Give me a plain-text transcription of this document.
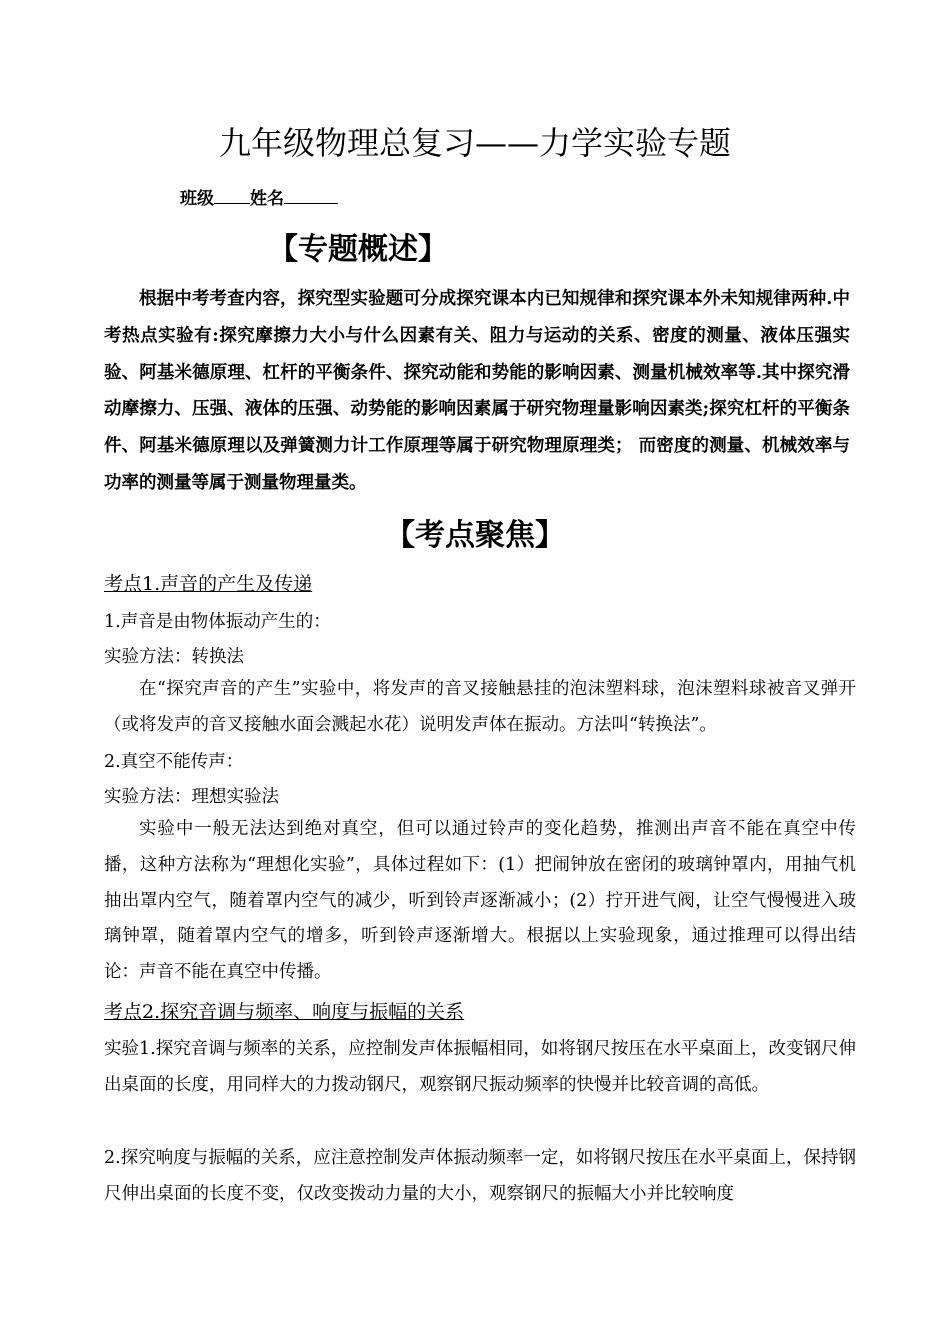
九年级物理总复习——力学实验专题
班级 姓名
【专题概述】
根据中考考查内容，探究型实验题可分成探究课本内已知规律和探究课本外未知规律两种.中考热点实验有:探究摩擦力大小与什么因素有关、阻力与运动的关系、密度的测量、液体压强实验、阿基米德原理、杠杆的平衡条件、探究动能和势能的影响因素、测量机械效率等.其中探究滑动摩擦力、压强、液体的压强、动势能的影响因素属于研究物理量影响因素类;探究杠杆的平衡条件、阿基米德原理以及弹簧测力计工作原理等属于研究物理原理类； 而密度的测量、机械效率与功率的测量等属于测量物理量类。
【考点聚焦】
考点1.声音的产生及传递
1.声音是由物体振动产生的：
实验方法：转换法
在“探究声音的产生”实验中，将发声的音叉接触悬挂的泡沫塑料球，泡沫塑料球被音叉弹开（或将发声的音叉接触水面会溅起水花）说明发声体在振动。方法叫“转换法”。
2.真空不能传声：
实验方法：理想实验法
实验中一般无法达到绝对真空，但可以通过铃声的变化趋势，推测出声音不能在真空中传播，这种方法称为“理想化实验”，具体过程如下：(1）把闹钟放在密闭的玻璃钟罩内，用抽气机抽出罩内空气，随着罩内空气的减少，听到铃声逐渐减小；(2）拧开进气阀，让空气慢慢进入玻璃钟罩，随着罩内空气的增多，听到铃声逐渐增大。根据以上实验现象，通过推理可以得出结论：声音不能在真空中传播。
考点2.探究音调与频率、响度与振幅的关系
实验1.探究音调与频率的关系，应控制发声体振幅相同，如将钢尺按压在水平桌面上，改变钢尺伸出桌面的长度，用同样大的力拨动钢尺，观察钢尺振动频率的快慢并比较音调的高低。
2.探究响度与振幅的关系，应注意控制发声体振动频率一定，如将钢尺按压在水平桌面上，保持钢尺伸出桌面的长度不变，仅改变拨动力量的大小，观察钢尺的振幅大小并比较响度
